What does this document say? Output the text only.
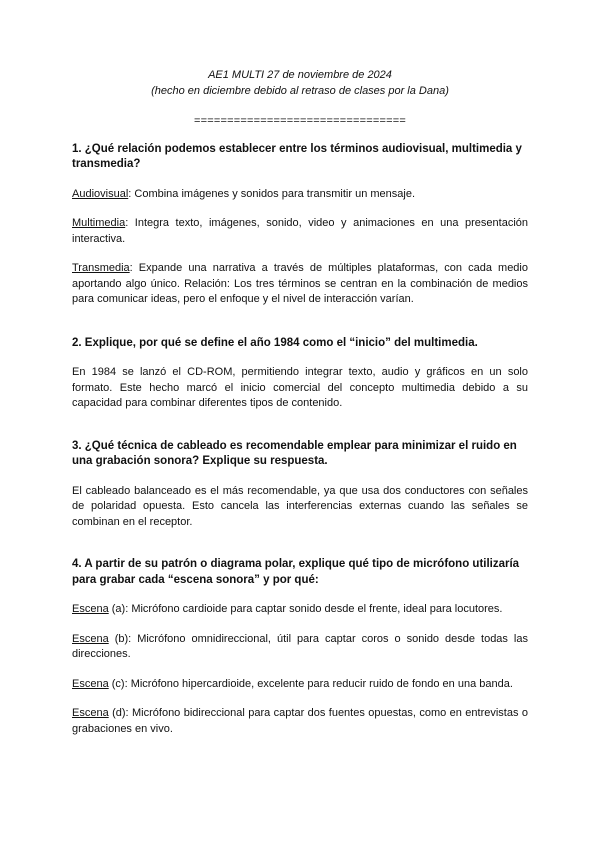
AE1 MULTI 27 de noviembre de 2024
(hecho en diciembre debido al retraso de clases por la Dana)
================================
1. ¿Qué relación podemos establecer entre los términos audiovisual, multimedia y transmedia?
Audiovisual: Combina imágenes y sonidos para transmitir un mensaje.
Multimedia: Integra texto, imágenes, sonido, video y animaciones en una presentación interactiva.
Transmedia: Expande una narrativa a través de múltiples plataformas, con cada medio aportando algo único. Relación: Los tres términos se centran en la combinación de medios para comunicar ideas, pero el enfoque y el nivel de interacción varían.
2. Explique, por qué se define el año 1984 como el “inicio” del multimedia.
En 1984 se lanzó el CD-ROM, permitiendo integrar texto, audio y gráficos en un solo formato. Este hecho marcó el inicio comercial del concepto multimedia debido a su capacidad para combinar diferentes tipos de contenido.
3. ¿Qué técnica de cableado es recomendable emplear para minimizar el ruido en una grabación sonora? Explique su respuesta.
El cableado balanceado es el más recomendable, ya que usa dos conductores con señales de polaridad opuesta. Esto cancela las interferencias externas cuando las señales se combinan en el receptor.
4. A partir de su patrón o diagrama polar, explique qué tipo de micrófono utilizaría para grabar cada “escena sonora” y por qué:
Escena (a): Micrófono cardioide para captar sonido desde el frente, ideal para locutores.
Escena (b): Micrófono omnidireccional, útil para captar coros o sonido desde todas las direcciones.
Escena (c): Micrófono hipercardioide, excelente para reducir ruido de fondo en una banda.
Escena (d): Micrófono bidireccional para captar dos fuentes opuestas, como en entrevistas o grabaciones en vivo.
